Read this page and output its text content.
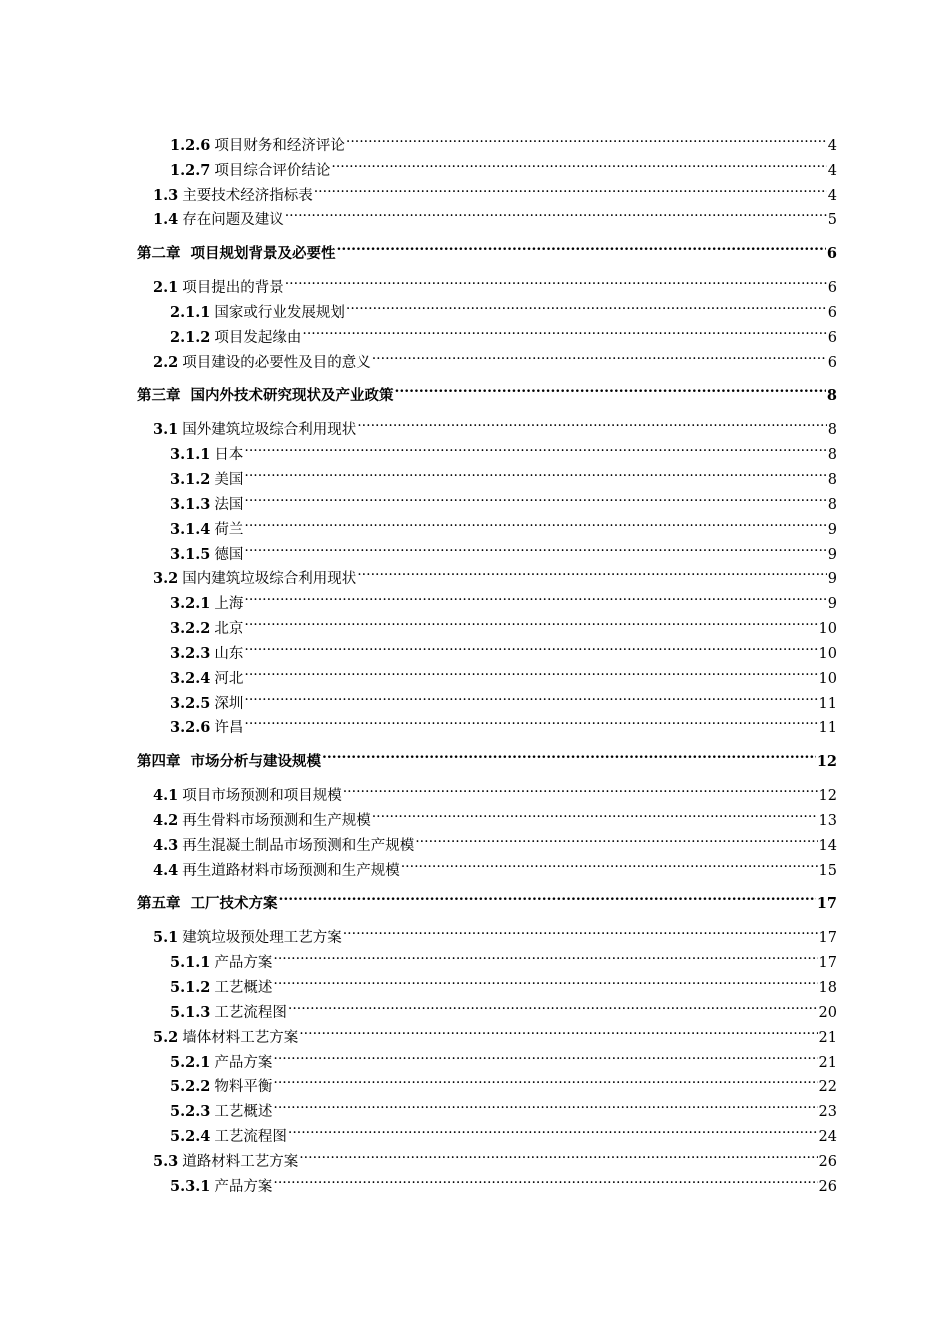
1.2.6 项目财务和经济评论 .....	4
1.2.7 项目综合评价结论 .....	4
1.3 主要技术经济指标表 .....	4
1.4 存在问题及建议 .....	5
第二章 项目规划背景及必要性 .....	6
2.1 项目提出的背景 .....	6
2.1.1 国家或行业发展规划 .....	6
2.1.2 项目发起缘由 .....	6
2.2 项目建设的必要性及目的意义 .....	6
第三章 国内外技术研究现状及产业政策 .....	8
3.1 国外建筑垃圾综合利用现状 .....	8
3.1.1 日本 .....	8
3.1.2 美国 .....	8
3.1.3 法国 .....	8
3.1.4 荷兰 .....	9
3.1.5 德国 .....	9
3.2 国内建筑垃圾综合利用现状 .....	9
3.2.1 上海 .....	9
3.2.2 北京 .....	10
3.2.3 山东 .....	10
3.2.4 河北 .....	10
3.2.5 深圳 .....	11
3.2.6 许昌 .....	11
第四章 市场分析与建设规模 .....	12
4.1 项目市场预测和项目规模 .....	12
4.2 再生骨料市场预测和生产规模 .....	13
4.3 再生混凝土制品市场预测和生产规模 .....	14
4.4 再生道路材料市场预测和生产规模 .....	15
第五章 工厂技术方案 .....	17
5.1 建筑垃圾预处理工艺方案 .....	17
5.1.1 产品方案 .....	17
5.1.2 工艺概述 .....	18
5.1.3 工艺流程图 .....	20
5.2 墙体材料工艺方案 .....	21
5.2.1 产品方案 .....	21
5.2.2 物料平衡 .....	22
5.2.3 工艺概述 .....	23
5.2.4 工艺流程图 .....	24
5.3 道路材料工艺方案 .....	26
5.3.1 产品方案 .....	26
